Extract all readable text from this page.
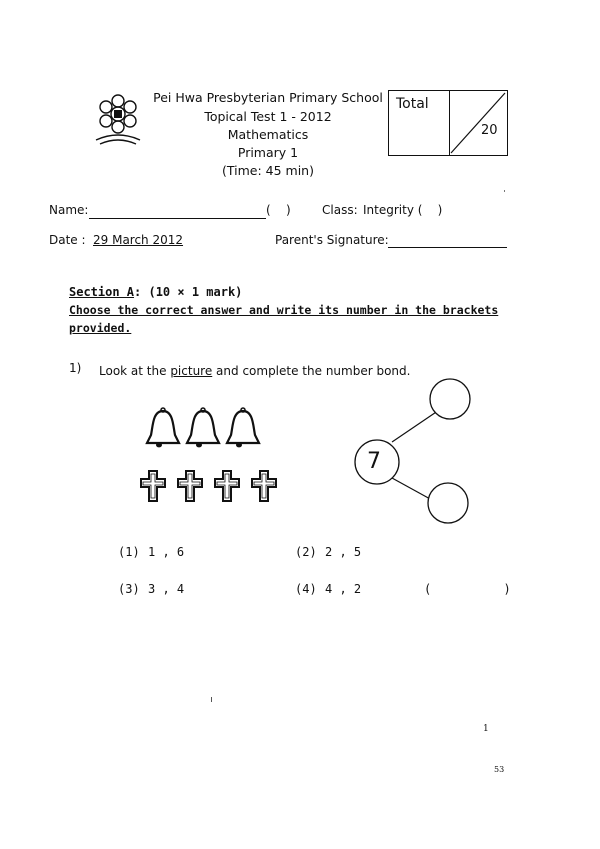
Pei Hwa Presbyterian Primary School
Topical Test 1 - 2012
Mathematics
Primary 1
(Time: 45 min)
Total
20
Name:	(    )	Class: Integrity (    )
Date : 29 March 2012	Parent's Signature:
Section A: (10 × 1 mark)
Choose the correct answer and write its number in the brackets
provided.
1) Look at the picture and complete the number bond.
7
(1) 1 , 6	(2) 2 , 5
(3) 3 , 4	(4) 4 , 2	(          )
1
53
